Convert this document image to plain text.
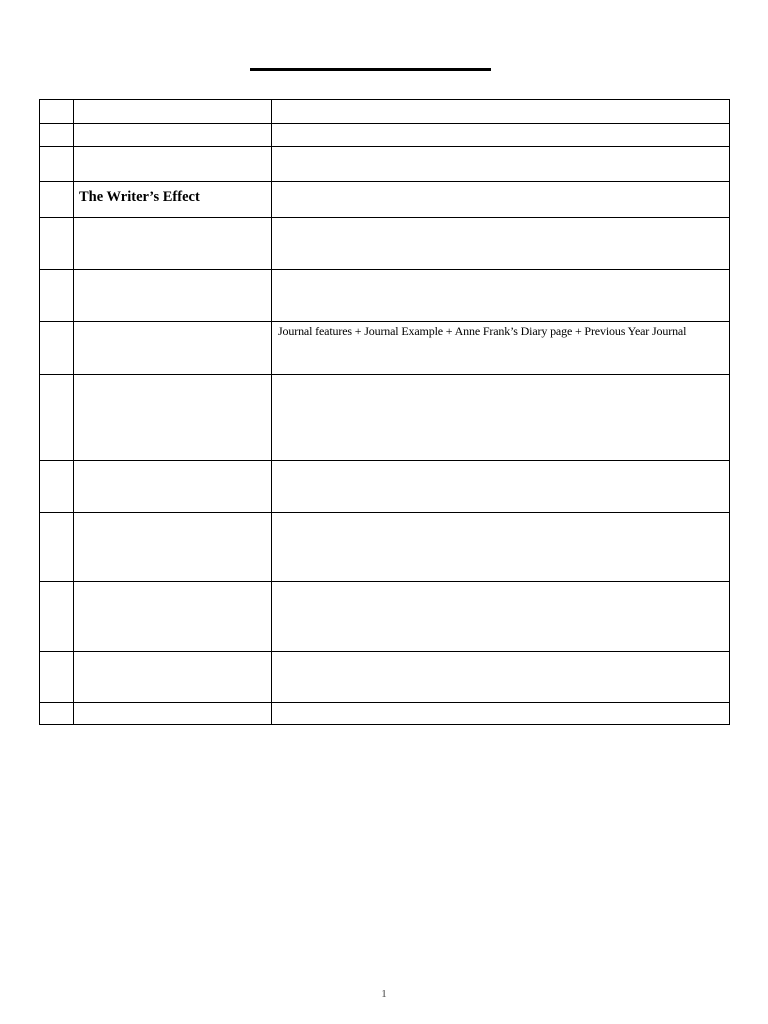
	The Writer’s Effect	

		Journal features + Journal Example + Anne Frank’s Diary page + Previous Year Journal

1
